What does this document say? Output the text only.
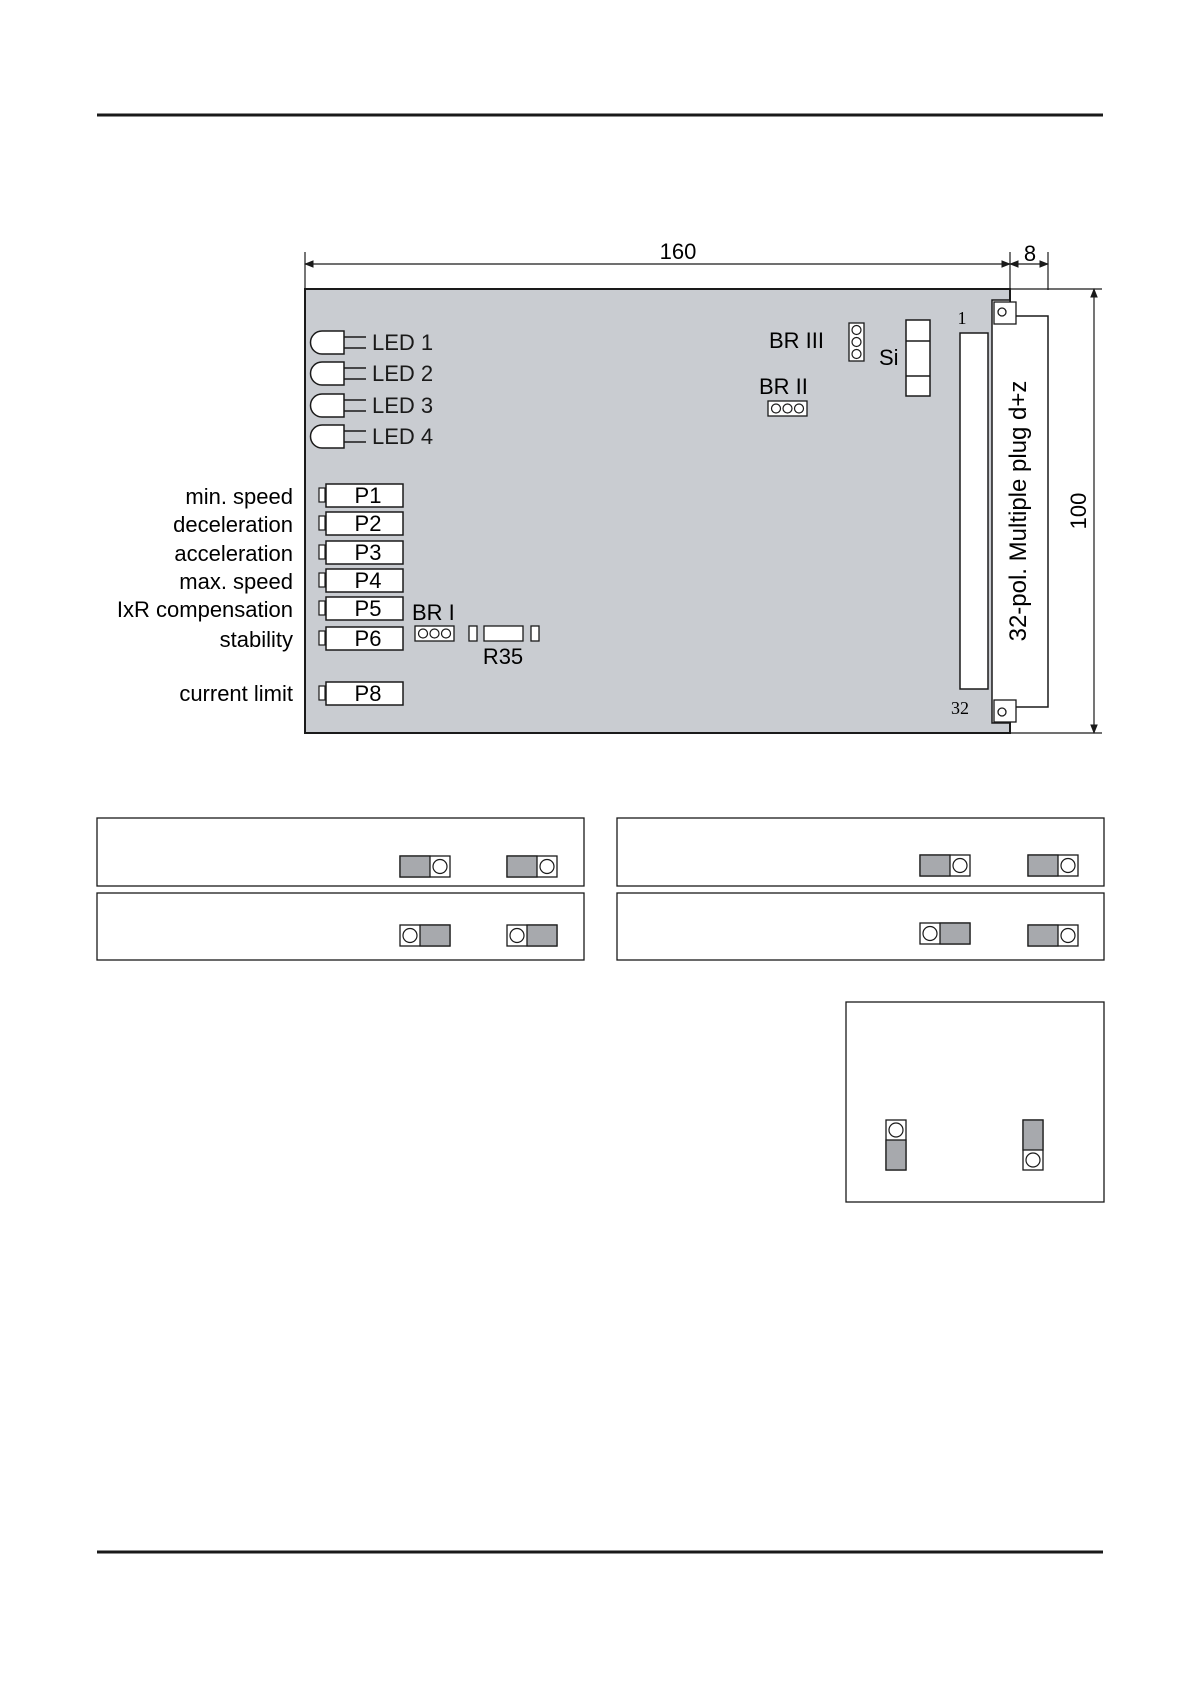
160	8
100
1
32
32-pol. Multiple plug d+z
LED 1
LED 2
LED 3
LED 4
min. speed	P1
deceleration	P2
acceleration	P3
max. speed	P4
IxR compensation	P5
stability	P6
current limit	P8
BR I
R35
BR II
BR III
Si
